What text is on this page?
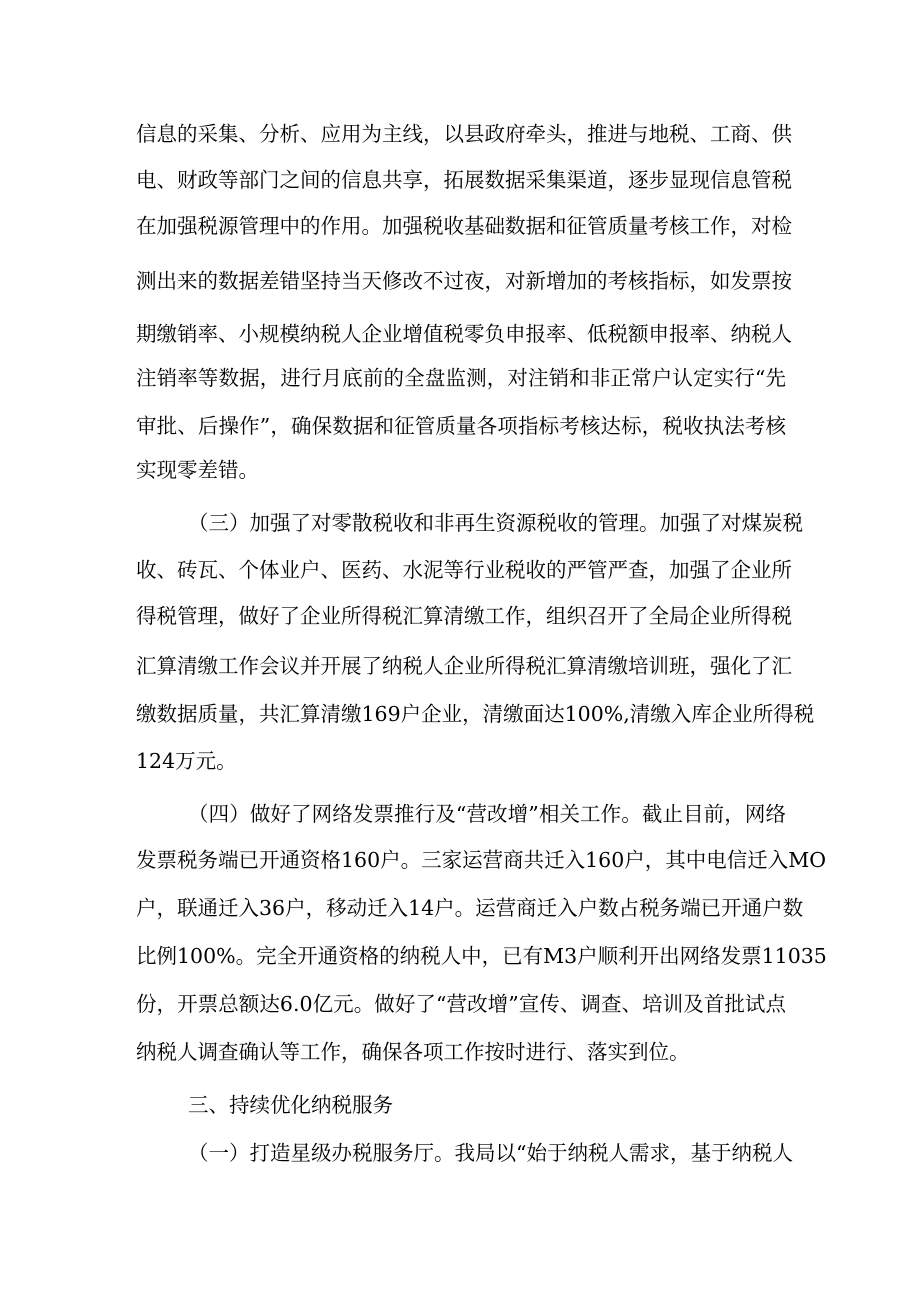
信息的采集、分析、应用为主线，以县政府牵头，推进与地税、工商、供
电、财政等部门之间的信息共享，拓展数据采集渠道，逐步显现信息管税
在加强税源管理中的作用。加强税收基础数据和征管质量考核工作，对检
测出来的数据差错坚持当天修改不过夜，对新增加的考核指标，如发票按
期缴销率、小规模纳税人企业增值税零负申报率、低税额申报率、纳税人
注销率等数据，进行月底前的全盘监测，对注销和非正常户认定实行“先
审批、后操作”，确保数据和征管质量各项指标考核达标，税收执法考核
实现零差错。
（三）加强了对零散税收和非再生资源税收的管理。加强了对煤炭税
收、砖瓦、个体业户、医药、水泥等行业税收的严管严查，加强了企业所
得税管理，做好了企业所得税汇算清缴工作，组织召开了全局企业所得税
汇算清缴工作会议并开展了纳税人企业所得税汇算清缴培训班，强化了汇
缴数据质量，共汇算清缴169户企业，清缴面达100%,清缴入库企业所得税
124万元。
（四）做好了网络发票推行及“营改增”相关工作。截止目前，网络
发票税务端已开通资格160户。三家运营商共迁入160户，其中电信迁入MO
户，联通迁入36户，移动迁入14户。运营商迁入户数占税务端已开通户数
比例100%。完全开通资格的纳税人中，已有M3户顺利开出网络发票11035
份，开票总额达6.0亿元。做好了“营改增”宣传、调查、培训及首批试点
纳税人调查确认等工作，确保各项工作按时进行、落实到位。
三、持续优化纳税服务
（一）打造星级办税服务厅。我局以“始于纳税人需求，基于纳税人
